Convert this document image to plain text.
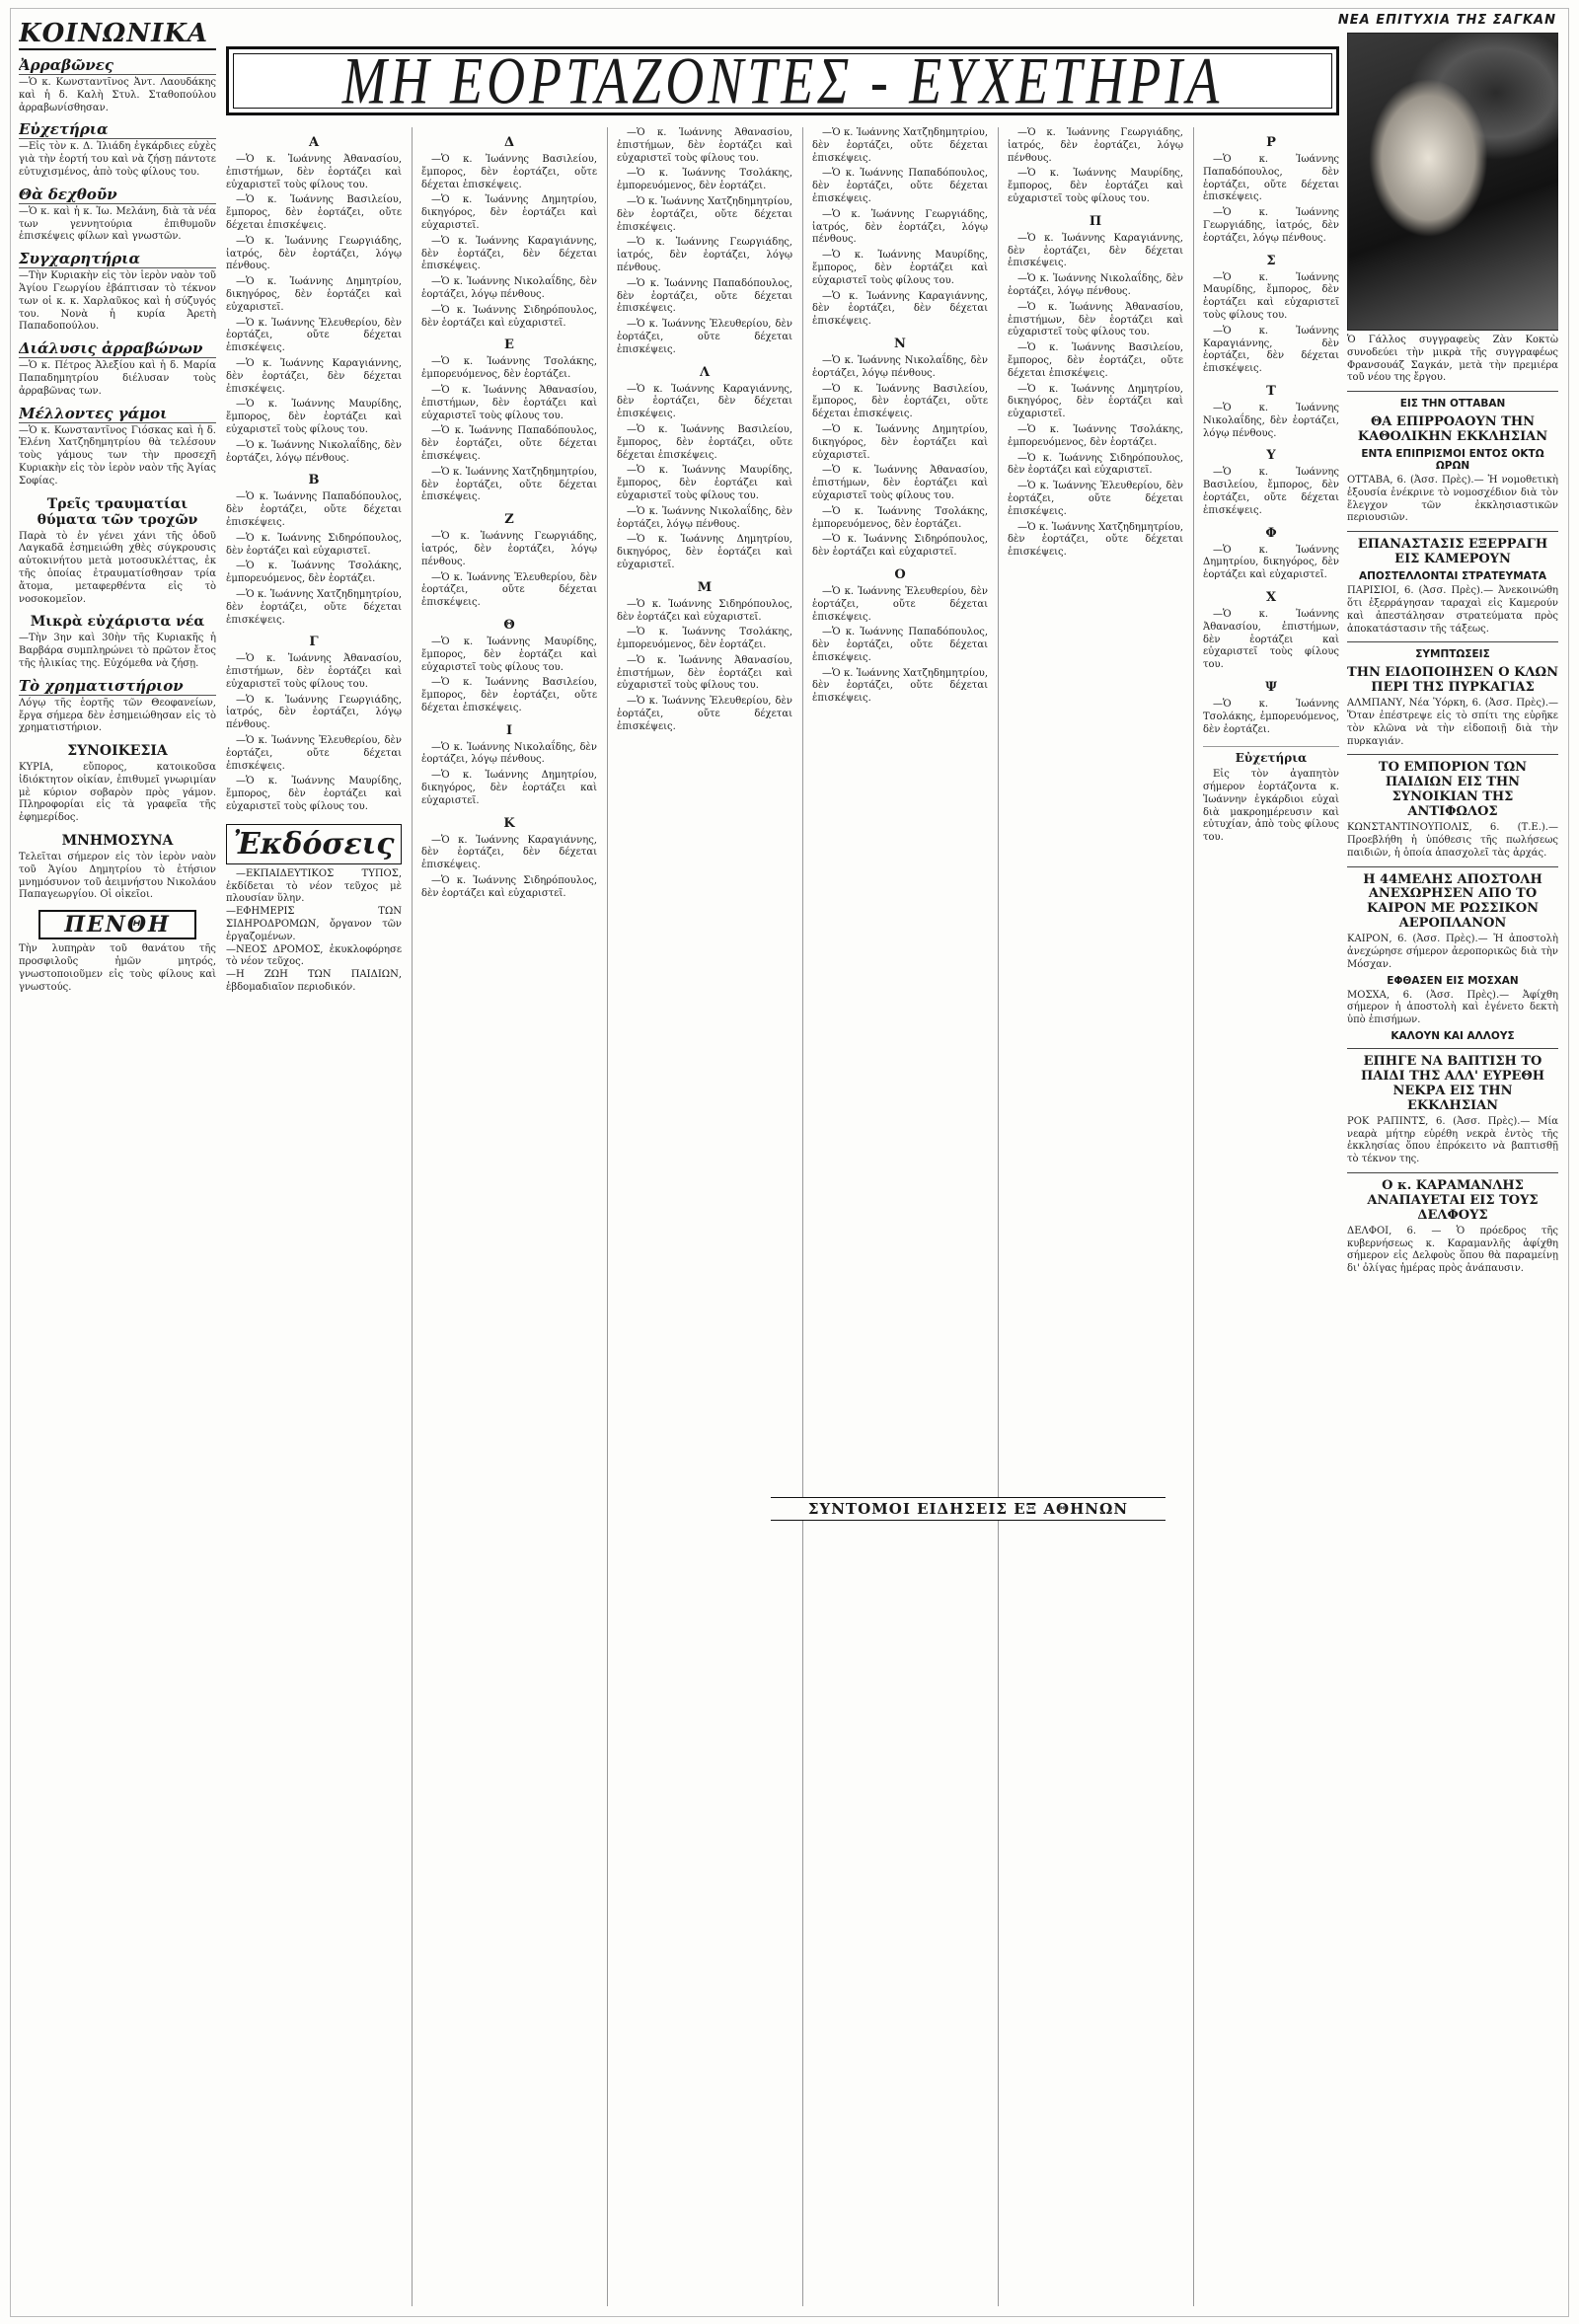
ΝΕΑ ΕΠΙΤΥΧΙΑ ΤΗΣ ΣΑΓΚΑΝ
ΚΟΙΝΩΝΙΚΑ
Ἀρραβῶνες

—Ὁ κ. Κωνσταντῖνος Ἀντ. Λαουδάκης καὶ ἡ δ. Καλὴ Στυλ. Σταθοπούλου ἀρραβωνίσθησαν.

Εὐχετήρια

—Εἰς τὸν κ. Δ. Ἰλιάδη ἐγκάρδιες εὐχὲς γιὰ τὴν ἑορτή του καὶ νὰ ζήσῃ πάντοτε εὐτυχισμένος, ἀπὸ τοὺς φίλους του.

Θὰ δεχθοῦν

—Ὁ κ. καὶ ἡ κ. Ἰω. Μελάνη, διὰ τὰ νέα των γεννητούρια ἐπιθυμοῦν ἐπισκέψεις φίλων καὶ γνωστῶν.

Συγχαρητήρια

—Τὴν Κυριακὴν εἰς τὸν ἱερὸν ναὸν τοῦ Ἁγίου Γεωργίου ἐβάπτισαν τὸ τέκνον των οἱ κ. κ. Χαρλαῦκος καὶ ἡ σύζυγός του. Νονὰ ἡ κυρία Ἀρετὴ Παπαδοπούλου.

Διάλυσις ἀρραβώνων

—Ὁ κ. Πέτρος Ἀλεξίου καὶ ἡ δ. Μαρία Παπαδημητρίου διέλυσαν τοὺς ἀρραβῶνας των.

Μέλλοντες γάμοι

—Ὁ κ. Κωνσταντῖνος Γιόσκας καὶ ἡ δ. Ἑλένη Χατζηδημητρίου θὰ τελέσουν τοὺς γάμους των τὴν προσεχῆ Κυριακὴν εἰς τὸν ἱερὸν ναὸν τῆς Ἁγίας Σοφίας.

Τρεῖς τραυματίαι θύματα τῶν τροχῶν

Παρὰ τὸ ἐν γένει χάνι τῆς ὁδοῦ Λαγκαδᾶ ἐσημειώθη χθὲς σύγκρουσις αὐτοκινήτου μετὰ μοτοσυκλέττας, ἐκ τῆς ὁποίας ἐτραυματίσθησαν τρία ἄτομα, μεταφερθέντα εἰς τὸ νοσοκομεῖον.

Μικρὰ εὐχάριστα νέα

—Τὴν 3ην καὶ 30ὴν τῆς Κυριακῆς ἡ Βαρβάρα συμπληρώνει τὸ πρῶτον ἔτος τῆς ἡλικίας της. Εὐχόμεθα νὰ ζήσῃ.

Τὸ χρηματιστήριον

Λόγῳ τῆς ἑορτῆς τῶν Θεοφανείων, ἔργα σήμερα δὲν ἐσημειώθησαν εἰς τὸ χρηματιστήριον.

ΣΥΝΟΙΚΕΣΙΑ

ΚΥΡΙΑ, εὔπορος, κατοικοῦσα ἰδιόκτητον οἰκίαν, ἐπιθυμεῖ γνωριμίαν μὲ κύριον σοβαρὸν πρὸς γάμον. Πληροφορίαι εἰς τὰ γραφεῖα τῆς ἐφημερίδος.

ΜΝΗΜΟΣΥΝΑ

Τελεῖται σήμερον εἰς τὸν ἱερὸν ναὸν τοῦ Ἁγίου Δημητρίου τὸ ἐτήσιον μνημόσυνον τοῦ ἀειμνήστου Νικολάου Παπαγεωργίου. Οἱ οἰκεῖοι.

ΠΕΝΘΗ

Τὴν λυπηρὰν τοῦ θανάτου τῆς προσφιλοῦς ἡμῶν μητρός, γνωστοποιοῦμεν εἰς τοὺς φίλους καὶ γνωστούς.

ΜΗ ΕΟΡΤΑΖΟΝΤΕΣ - ΕΥΧΕΤΗΡΙΑ
Α

—Ὁ κ. Ἰωάννης Ἀθανασίου, ἐπιστήμων, δὲν ἑορτάζει καὶ εὐχαριστεῖ τοὺς φίλους του.

—Ὁ κ. Ἰωάννης Βασιλείου, ἔμπορος, δὲν ἑορτάζει, οὔτε δέχεται ἐπισκέψεις.

—Ὁ κ. Ἰωάννης Γεωργιάδης, ἰατρός, δὲν ἑορτάζει, λόγῳ πένθους.

—Ὁ κ. Ἰωάννης Δημητρίου, δικηγόρος, δὲν ἑορτάζει καὶ εὐχαριστεῖ.

—Ὁ κ. Ἰωάννης Ἐλευθερίου, δὲν ἑορτάζει, οὔτε δέχεται ἐπισκέψεις.

—Ὁ κ. Ἰωάννης Καραγιάννης, δὲν ἑορτάζει, δὲν δέχεται ἐπισκέψεις.

—Ὁ κ. Ἰωάννης Μαυρίδης, ἔμπορος, δὲν ἑορτάζει καὶ εὐχαριστεῖ τοὺς φίλους του.

—Ὁ κ. Ἰωάννης Νικολαΐδης, δὲν ἑορτάζει, λόγῳ πένθους.

Β

—Ὁ κ. Ἰωάννης Παπαδόπουλος, δὲν ἑορτάζει, οὔτε δέχεται ἐπισκέψεις.

—Ὁ κ. Ἰωάννης Σιδηρόπουλος, δὲν ἑορτάζει καὶ εὐχαριστεῖ.

—Ὁ κ. Ἰωάννης Τσολάκης, ἐμπορευόμενος, δὲν ἑορτάζει.

—Ὁ κ. Ἰωάννης Χατζηδημητρίου, δὲν ἑορτάζει, οὔτε δέχεται ἐπισκέψεις.

Γ

—Ὁ κ. Ἰωάννης Ἀθανασίου, ἐπιστήμων, δὲν ἑορτάζει καὶ εὐχαριστεῖ τοὺς φίλους του.

—Ὁ κ. Ἰωάννης Γεωργιάδης, ἰατρός, δὲν ἑορτάζει, λόγῳ πένθους.

—Ὁ κ. Ἰωάννης Ἐλευθερίου, δὲν ἑορτάζει, οὔτε δέχεται ἐπισκέψεις.

—Ὁ κ. Ἰωάννης Μαυρίδης, ἔμπορος, δὲν ἑορτάζει καὶ εὐχαριστεῖ τοὺς φίλους του.

Ἐκδόσεις

—ΕΚΠΑΙΔΕΥΤΙΚΟΣ ΤΥΠΟΣ, ἐκδίδεται τὸ νέον τεῦχος μὲ πλουσίαν ὕλην.
—ΕΦΗΜΕΡΙΣ ΤΩΝ ΣΙΔΗΡΟΔΡΟΜΩΝ, ὄργανον τῶν ἐργαζομένων.
—ΝΕΟΣ ΔΡΟΜΟΣ, ἐκυκλοφόρησε τὸ νέον τεῦχος.
—Η ΖΩΗ ΤΩΝ ΠΑΙΔΙΩΝ, ἑβδομαδιαῖον περιοδικόν.

Δ

—Ὁ κ. Ἰωάννης Βασιλείου, ἔμπορος, δὲν ἑορτάζει, οὔτε δέχεται ἐπισκέψεις.

—Ὁ κ. Ἰωάννης Δημητρίου, δικηγόρος, δὲν ἑορτάζει καὶ εὐχαριστεῖ.

—Ὁ κ. Ἰωάννης Καραγιάννης, δὲν ἑορτάζει, δὲν δέχεται ἐπισκέψεις.

—Ὁ κ. Ἰωάννης Νικολαΐδης, δὲν ἑορτάζει, λόγῳ πένθους.

—Ὁ κ. Ἰωάννης Σιδηρόπουλος, δὲν ἑορτάζει καὶ εὐχαριστεῖ.

Ε

—Ὁ κ. Ἰωάννης Τσολάκης, ἐμπορευόμενος, δὲν ἑορτάζει.

—Ὁ κ. Ἰωάννης Ἀθανασίου, ἐπιστήμων, δὲν ἑορτάζει καὶ εὐχαριστεῖ τοὺς φίλους του.

—Ὁ κ. Ἰωάννης Παπαδόπουλος, δὲν ἑορτάζει, οὔτε δέχεται ἐπισκέψεις.

—Ὁ κ. Ἰωάννης Χατζηδημητρίου, δὲν ἑορτάζει, οὔτε δέχεται ἐπισκέψεις.

Ζ

—Ὁ κ. Ἰωάννης Γεωργιάδης, ἰατρός, δὲν ἑορτάζει, λόγῳ πένθους.

—Ὁ κ. Ἰωάννης Ἐλευθερίου, δὲν ἑορτάζει, οὔτε δέχεται ἐπισκέψεις.

Θ

—Ὁ κ. Ἰωάννης Μαυρίδης, ἔμπορος, δὲν ἑορτάζει καὶ εὐχαριστεῖ τοὺς φίλους του.

—Ὁ κ. Ἰωάννης Βασιλείου, ἔμπορος, δὲν ἑορτάζει, οὔτε δέχεται ἐπισκέψεις.

Ι

—Ὁ κ. Ἰωάννης Νικολαΐδης, δὲν ἑορτάζει, λόγῳ πένθους.

—Ὁ κ. Ἰωάννης Δημητρίου, δικηγόρος, δὲν ἑορτάζει καὶ εὐχαριστεῖ.

Κ

—Ὁ κ. Ἰωάννης Καραγιάννης, δὲν ἑορτάζει, δὲν δέχεται ἐπισκέψεις.

—Ὁ κ. Ἰωάννης Σιδηρόπουλος, δὲν ἑορτάζει καὶ εὐχαριστεῖ.

—Ὁ κ. Ἰωάννης Ἀθανασίου, ἐπιστήμων, δὲν ἑορτάζει καὶ εὐχαριστεῖ τοὺς φίλους του.

—Ὁ κ. Ἰωάννης Τσολάκης, ἐμπορευόμενος, δὲν ἑορτάζει.

—Ὁ κ. Ἰωάννης Χατζηδημητρίου, δὲν ἑορτάζει, οὔτε δέχεται ἐπισκέψεις.

—Ὁ κ. Ἰωάννης Γεωργιάδης, ἰατρός, δὲν ἑορτάζει, λόγῳ πένθους.

—Ὁ κ. Ἰωάννης Παπαδόπουλος, δὲν ἑορτάζει, οὔτε δέχεται ἐπισκέψεις.

—Ὁ κ. Ἰωάννης Ἐλευθερίου, δὲν ἑορτάζει, οὔτε δέχεται ἐπισκέψεις.

Λ

—Ὁ κ. Ἰωάννης Καραγιάννης, δὲν ἑορτάζει, δὲν δέχεται ἐπισκέψεις.

—Ὁ κ. Ἰωάννης Βασιλείου, ἔμπορος, δὲν ἑορτάζει, οὔτε δέχεται ἐπισκέψεις.

—Ὁ κ. Ἰωάννης Μαυρίδης, ἔμπορος, δὲν ἑορτάζει καὶ εὐχαριστεῖ τοὺς φίλους του.

—Ὁ κ. Ἰωάννης Νικολαΐδης, δὲν ἑορτάζει, λόγῳ πένθους.

—Ὁ κ. Ἰωάννης Δημητρίου, δικηγόρος, δὲν ἑορτάζει καὶ εὐχαριστεῖ.

Μ

—Ὁ κ. Ἰωάννης Σιδηρόπουλος, δὲν ἑορτάζει καὶ εὐχαριστεῖ.

—Ὁ κ. Ἰωάννης Τσολάκης, ἐμπορευόμενος, δὲν ἑορτάζει.

—Ὁ κ. Ἰωάννης Ἀθανασίου, ἐπιστήμων, δὲν ἑορτάζει καὶ εὐχαριστεῖ τοὺς φίλους του.

—Ὁ κ. Ἰωάννης Ἐλευθερίου, δὲν ἑορτάζει, οὔτε δέχεται ἐπισκέψεις.

—Ὁ κ. Ἰωάννης Χατζηδημητρίου, δὲν ἑορτάζει, οὔτε δέχεται ἐπισκέψεις.

—Ὁ κ. Ἰωάννης Παπαδόπουλος, δὲν ἑορτάζει, οὔτε δέχεται ἐπισκέψεις.

—Ὁ κ. Ἰωάννης Γεωργιάδης, ἰατρός, δὲν ἑορτάζει, λόγῳ πένθους.

—Ὁ κ. Ἰωάννης Μαυρίδης, ἔμπορος, δὲν ἑορτάζει καὶ εὐχαριστεῖ τοὺς φίλους του.

—Ὁ κ. Ἰωάννης Καραγιάννης, δὲν ἑορτάζει, δὲν δέχεται ἐπισκέψεις.

Ν

—Ὁ κ. Ἰωάννης Νικολαΐδης, δὲν ἑορτάζει, λόγῳ πένθους.

—Ὁ κ. Ἰωάννης Βασιλείου, ἔμπορος, δὲν ἑορτάζει, οὔτε δέχεται ἐπισκέψεις.

—Ὁ κ. Ἰωάννης Δημητρίου, δικηγόρος, δὲν ἑορτάζει καὶ εὐχαριστεῖ.

—Ὁ κ. Ἰωάννης Ἀθανασίου, ἐπιστήμων, δὲν ἑορτάζει καὶ εὐχαριστεῖ τοὺς φίλους του.

—Ὁ κ. Ἰωάννης Τσολάκης, ἐμπορευόμενος, δὲν ἑορτάζει.

—Ὁ κ. Ἰωάννης Σιδηρόπουλος, δὲν ἑορτάζει καὶ εὐχαριστεῖ.

Ο

—Ὁ κ. Ἰωάννης Ἐλευθερίου, δὲν ἑορτάζει, οὔτε δέχεται ἐπισκέψεις.

—Ὁ κ. Ἰωάννης Παπαδόπουλος, δὲν ἑορτάζει, οὔτε δέχεται ἐπισκέψεις.

—Ὁ κ. Ἰωάννης Χατζηδημητρίου, δὲν ἑορτάζει, οὔτε δέχεται ἐπισκέψεις.

—Ὁ κ. Ἰωάννης Γεωργιάδης, ἰατρός, δὲν ἑορτάζει, λόγῳ πένθους.

—Ὁ κ. Ἰωάννης Μαυρίδης, ἔμπορος, δὲν ἑορτάζει καὶ εὐχαριστεῖ τοὺς φίλους του.

Π

—Ὁ κ. Ἰωάννης Καραγιάννης, δὲν ἑορτάζει, δὲν δέχεται ἐπισκέψεις.

—Ὁ κ. Ἰωάννης Νικολαΐδης, δὲν ἑορτάζει, λόγῳ πένθους.

—Ὁ κ. Ἰωάννης Ἀθανασίου, ἐπιστήμων, δὲν ἑορτάζει καὶ εὐχαριστεῖ τοὺς φίλους του.

—Ὁ κ. Ἰωάννης Βασιλείου, ἔμπορος, δὲν ἑορτάζει, οὔτε δέχεται ἐπισκέψεις.

—Ὁ κ. Ἰωάννης Δημητρίου, δικηγόρος, δὲν ἑορτάζει καὶ εὐχαριστεῖ.

—Ὁ κ. Ἰωάννης Τσολάκης, ἐμπορευόμενος, δὲν ἑορτάζει.

—Ὁ κ. Ἰωάννης Σιδηρόπουλος, δὲν ἑορτάζει καὶ εὐχαριστεῖ.

—Ὁ κ. Ἰωάννης Ἐλευθερίου, δὲν ἑορτάζει, οὔτε δέχεται ἐπισκέψεις.

—Ὁ κ. Ἰωάννης Χατζηδημητρίου, δὲν ἑορτάζει, οὔτε δέχεται ἐπισκέψεις.

Ρ

—Ὁ κ. Ἰωάννης Παπαδόπουλος, δὲν ἑορτάζει, οὔτε δέχεται ἐπισκέψεις.

—Ὁ κ. Ἰωάννης Γεωργιάδης, ἰατρός, δὲν ἑορτάζει, λόγῳ πένθους.

Σ

—Ὁ κ. Ἰωάννης Μαυρίδης, ἔμπορος, δὲν ἑορτάζει καὶ εὐχαριστεῖ τοὺς φίλους του.

—Ὁ κ. Ἰωάννης Καραγιάννης, δὲν ἑορτάζει, δὲν δέχεται ἐπισκέψεις.

Τ

—Ὁ κ. Ἰωάννης Νικολαΐδης, δὲν ἑορτάζει, λόγῳ πένθους.

Υ

—Ὁ κ. Ἰωάννης Βασιλείου, ἔμπορος, δὲν ἑορτάζει, οὔτε δέχεται ἐπισκέψεις.

Φ

—Ὁ κ. Ἰωάννης Δημητρίου, δικηγόρος, δὲν ἑορτάζει καὶ εὐχαριστεῖ.

Χ

—Ὁ κ. Ἰωάννης Ἀθανασίου, ἐπιστήμων, δὲν ἑορτάζει καὶ εὐχαριστεῖ τοὺς φίλους του.

Ψ

—Ὁ κ. Ἰωάννης Τσολάκης, ἐμπορευόμενος, δὲν ἑορτάζει.

Εὐχετήρια

Εἰς τὸν ἀγαπητὸν σήμερον ἑορτάζοντα κ. Ἰωάννην ἐγκάρδιοι εὐχαὶ διὰ μακροημέρευσιν καὶ εὐτυχίαν, ἀπὸ τοὺς φίλους του.

ΣΥΝΤΟΜΟΙ ΕΙΔΗΣΕΙΣ ΕΞ ΑΘΗΝΩΝ

Ὁ Γάλλος συγγραφεὺς Ζὰν Κοκτὼ συνοδεύει τὴν μικρὰ τῆς συγγραφέως Φρανσουάζ Σαγκάν, μετὰ τὴν πρεμιέρα τοῦ νέου της ἔργου.

ΕΙΣ ΤΗΝ ΟΤΤΑΒΑΝ
ΘΑ ΕΠΙΡΡΟΑΟΥΝ ΤΗΝ ΚΑΘΟΛΙΚΗΝ ΕΚΚΛΗΣΙΑΝ
ΕΝΤΑ ΕΠΙΠΡΙΣΜΟΙ ΕΝΤΟΣ ΟΚΤΩ ΩΡΩΝ

ΟΤΤΑΒΑ, 6. (Ἀσσ. Πρὲς).— Ἡ νομοθετικὴ ἐξουσία ἐνέκρινε τὸ νομοσχέδιον διὰ τὸν ἔλεγχον τῶν ἐκκλησιαστικῶν περιουσιῶν.

ΕΠΑΝΑΣΤΑΣΙΣ ΕΞΕΡΡΑΓΗ ΕΙΣ ΚΑΜΕΡΟΥΝ
ΑΠΟΣΤΕΛΛΟΝΤΑΙ ΣΤΡΑΤΕΥΜΑΤΑ

ΠΑΡΙΣΙΟΙ, 6. (Ἀσσ. Πρὲς).— Ἀνεκοινώθη ὅτι ἐξερράγησαν ταραχαὶ εἰς Καμερούν καὶ ἀπεστάλησαν στρατεύματα πρὸς ἀποκατάστασιν τῆς τάξεως.

ΣΥΜΠΤΩΣΕΙΣ
ΤΗΝ ΕΙΔΟΠΟΙΗΣΕΝ Ο ΚΛΩΝ ΠΕΡΙ ΤΗΣ ΠΥΡΚΑΓΙΑΣ

ΑΛΜΠΑΝΥ, Νέα Ὑόρκη, 6. (Ἀσσ. Πρὲς).— Ὅταν ἐπέστρεψε εἰς τὸ σπίτι της εὑρῆκε τὸν κλῶνα νὰ τὴν εἰδοποιῇ διὰ τὴν πυρκαγιάν.

ΤΟ ΕΜΠΟΡΙΟΝ ΤΩΝ ΠΑΙΔΙΩΝ ΕΙΣ ΤΗΝ ΣΥΝΟΙΚΙΑΝ ΤΗΣ ΑΝΤΙΦΩΛΟΣ

ΚΩΝΣΤΑΝΤΙΝΟΥΠΟΛΙΣ, 6. (Τ.Ε.).— Προεβλήθη ἡ ὑπόθεσις τῆς πωλήσεως παιδιῶν, ἡ ὁποία ἀπασχολεῖ τὰς ἀρχάς.

Η 44ΜΕΛΗΣ ΑΠΟΣΤΟΛΗ ΑΝΕΧΩΡΗΣΕΝ ΑΠΟ ΤΟ ΚΑΙΡΟΝ ΜΕ ΡΩΣΣΙΚΟΝ ΑΕΡΟΠΛΑΝΟΝ

ΚΑΙΡΟΝ, 6. (Ἀσσ. Πρὲς).— Ἡ ἀποστολὴ ἀνεχώρησε σήμερον ἀεροπορικῶς διὰ τὴν Μόσχαν.

ΕΦΘΑΣΕΝ ΕΙΣ ΜΟΣΧΑΝ

ΜΟΣΧΑ, 6. (Ἀσσ. Πρὲς).— Ἀφίχθη σήμερον ἡ ἀποστολὴ καὶ ἐγένετο δεκτὴ ὑπὸ ἐπισήμων.

ΚΑΛΟΥΝ ΚΑΙ ΑΛΛΟΥΣ
ΕΠΗΓΕ ΝΑ ΒΑΠΤΙΣΗ ΤΟ ΠΑΙΔΙ ΤΗΣ ΑΛΛ' ΕΥΡΕΘΗ ΝΕΚΡΑ ΕΙΣ ΤΗΝ ΕΚΚΛΗΣΙΑΝ

ΡΟΚ ΡΑΠΙΝΤΣ, 6. (Ἀσσ. Πρὲς).— Μία νεαρὰ μήτηρ εὑρέθη νεκρὰ ἐντὸς τῆς ἐκκλησίας ὅπου ἐπρόκειτο νὰ βαπτισθῇ τὸ τέκνον της.

Ο κ. ΚΑΡΑΜΑΝΛΗΣ ΑΝΑΠΑΥΕΤΑΙ ΕΙΣ ΤΟΥΣ ΔΕΛΦΟΥΣ

ΔΕΛΦΟΙ, 6. — Ὁ πρόεδρος τῆς κυβερνήσεως κ. Καραμανλῆς ἀφίχθη σήμερον εἰς Δελφοὺς ὅπου θὰ παραμείνῃ δι' ὀλίγας ἡμέρας πρὸς ἀνάπαυσιν.
